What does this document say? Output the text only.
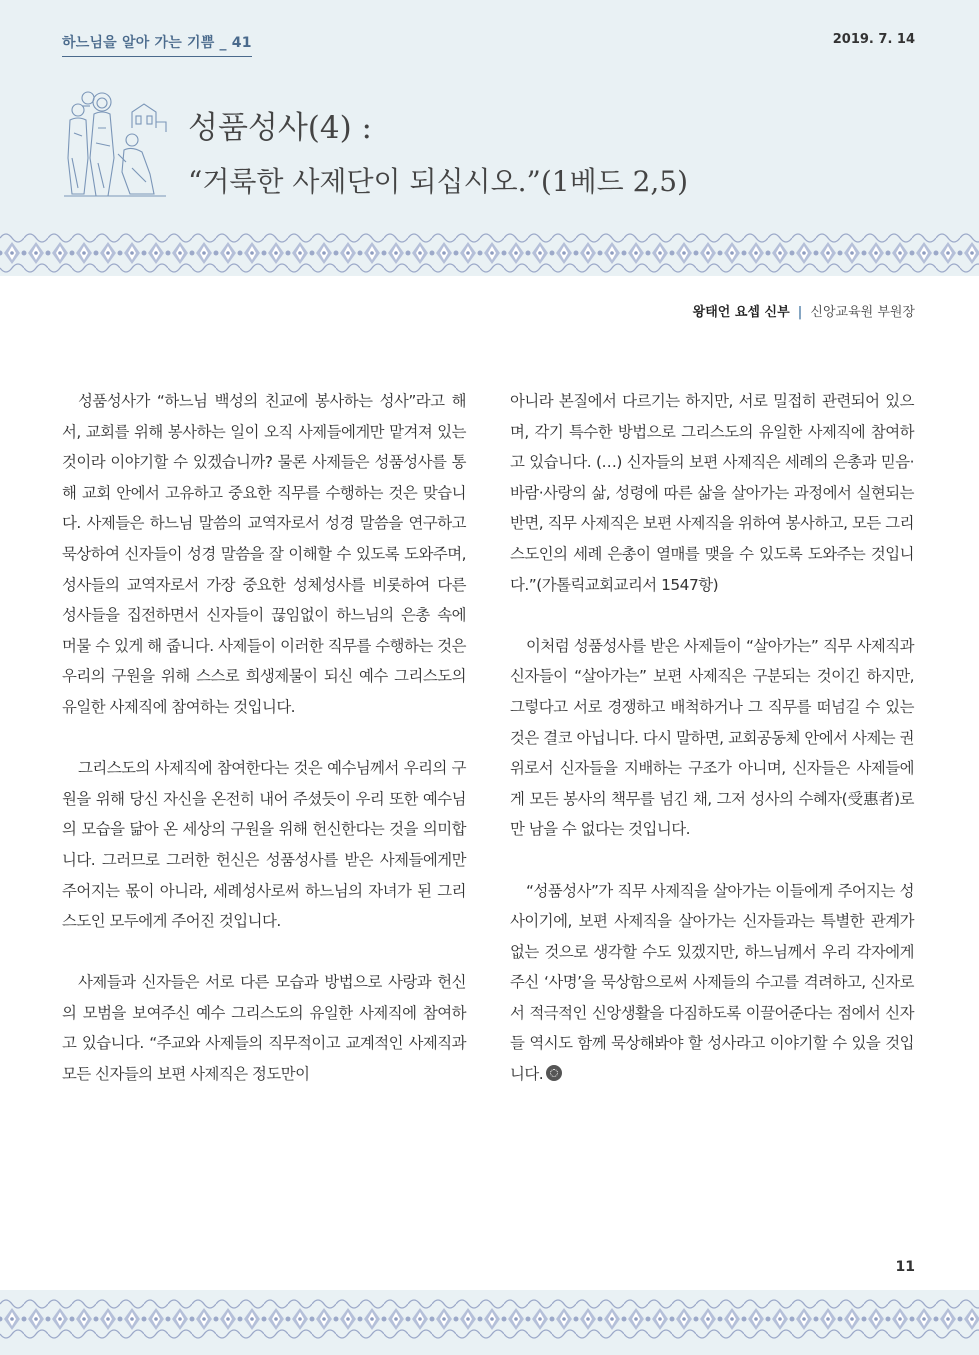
하느님을 알아 가는 기쁨 _ 41	2019. 7. 14
성품성사(4) :
“거룩한 사제단이 되십시오.”(1베드 2,5)
왕태언 요셉 신부 | 신앙교육원 부원장

성품성사가 “하느님 백성의 친교에 봉사하는 성사”라고 해서, 교회를 위해 봉사하는 일이 오직 사제들에게만 맡겨져 있는 것이라 이야기할 수 있겠습니까? 물론 사제들은 성품성사를 통해 교회 안에서 고유하고 중요한 직무를 수행하는 것은 맞습니다. 사제들은 하느님 말씀의 교역자로서 성경 말씀을 연구하고 묵상하여 신자들이 성경 말씀을 잘 이해할 수 있도록 도와주며, 성사들의 교역자로서 가장 중요한 성체성사를 비롯하여 다른 성사들을 집전하면서 신자들이 끊임없이 하느님의 은총 속에 머물 수 있게 해 줍니다. 사제들이 이러한 직무를 수행하는 것은 우리의 구원을 위해 스스로 희생제물이 되신 예수 그리스도의 유일한 사제직에 참여하는 것입니다.

그리스도의 사제직에 참여한다는 것은 예수님께서 우리의 구원을 위해 당신 자신을 온전히 내어 주셨듯이 우리 또한 예수님의 모습을 닮아 온 세상의 구원을 위해 헌신한다는 것을 의미합니다. 그러므로 그러한 헌신은 성품성사를 받은 사제들에게만 주어지는 몫이 아니라, 세례성사로써 하느님의 자녀가 된 그리스도인 모두에게 주어진 것입니다.

사제들과 신자들은 서로 다른 모습과 방법으로 사랑과 헌신의 모범을 보여주신 예수 그리스도의 유일한 사제직에 참여하고 있습니다. “주교와 사제들의 직무적이고 교계적인 사제직과 모든 신자들의 보편 사제직은 정도만이

아니라 본질에서 다르기는 하지만, 서로 밀접히 관련되어 있으며, 각기 특수한 방법으로 그리스도의 유일한 사제직에 참여하고 있습니다. (…) 신자들의 보편 사제직은 세례의 은총과 믿음·바람·사랑의 삶, 성령에 따른 삶을 살아가는 과정에서 실현되는 반면, 직무 사제직은 보편 사제직을 위하여 봉사하고, 모든 그리스도인의 세례 은총이 열매를 맺을 수 있도록 도와주는 것입니다.”(가톨릭교회교리서 1547항)

이처럼 성품성사를 받은 사제들이 “살아가는” 직무 사제직과 신자들이 “살아가는” 보편 사제직은 구분되는 것이긴 하지만, 그렇다고 서로 경쟁하고 배척하거나 그 직무를 떠넘길 수 있는 것은 결코 아닙니다. 다시 말하면, 교회공동체 안에서 사제는 권위로서 신자들을 지배하는 구조가 아니며, 신자들은 사제들에게 모든 봉사의 책무를 넘긴 채, 그저 성사의 수혜자(受惠者)로만 남을 수 없다는 것입니다.

“성품성사”가 직무 사제직을 살아가는 이들에게 주어지는 성사이기에, 보편 사제직을 살아가는 신자들과는 특별한 관계가 없는 것으로 생각할 수도 있겠지만, 하느님께서 우리 각자에게 주신 ‘사명’을 묵상함으로써 사제들의 수고를 격려하고, 신자로서 적극적인 신앙생활을 다짐하도록 이끌어준다는 점에서 신자들 역시도 함께 묵상해봐야 할 성사라고 이야기할 수 있을 것입니다.

11
